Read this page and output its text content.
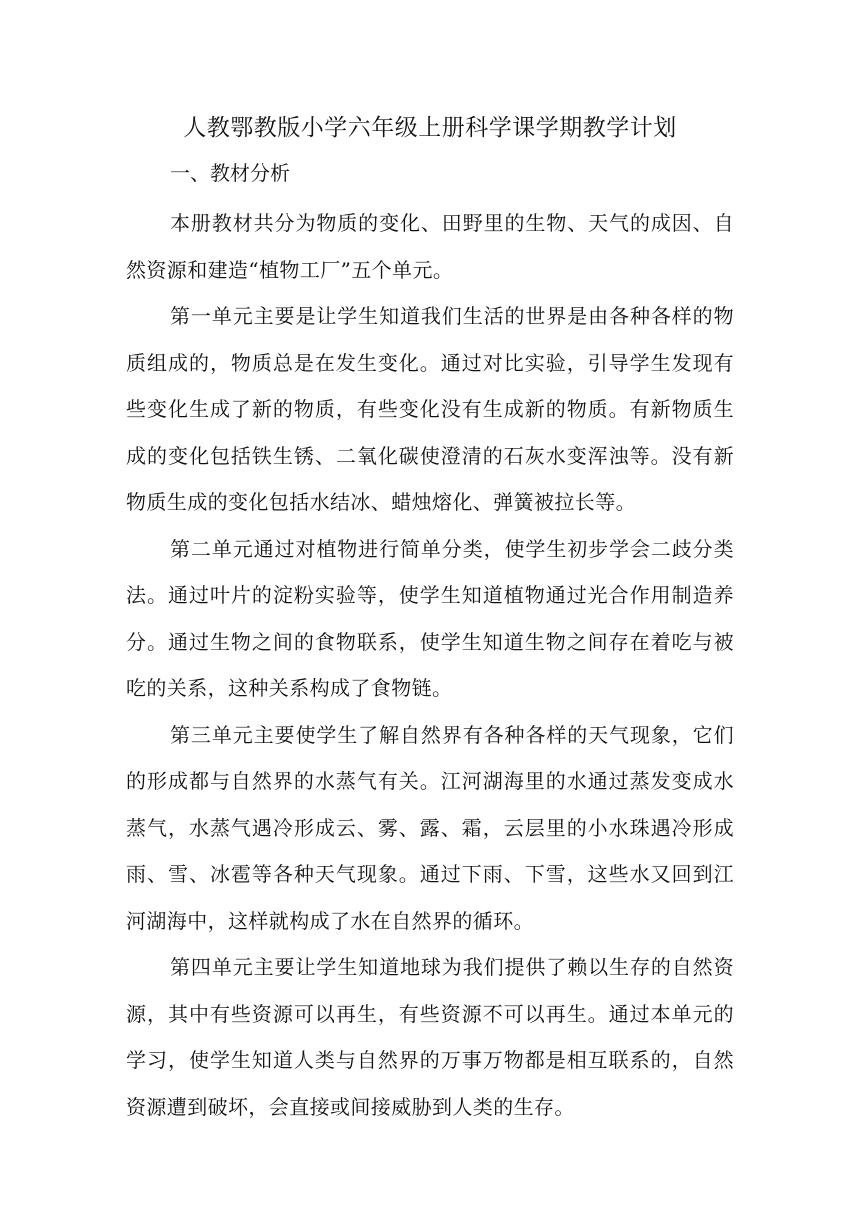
人教鄂教版小学六年级上册科学课学期教学计划
一、教材分析

本册教材共分为物质的变化、田野里的生物、天气的成因、自然资源和建造“植物工厂”五个单元。

第一单元主要是让学生知道我们生活的世界是由各种各样的物质组成的，物质总是在发生变化。通过对比实验，引导学生发现有些变化生成了新的物质，有些变化没有生成新的物质。有新物质生成的变化包括铁生锈、二氧化碳使澄清的石灰水变浑浊等。没有新物质生成的变化包括水结冰、蜡烛熔化、弹簧被拉长等。

第二单元通过对植物进行简单分类，使学生初步学会二歧分类法。通过叶片的淀粉实验等，使学生知道植物通过光合作用制造养分。通过生物之间的食物联系，使学生知道生物之间存在着吃与被吃的关系，这种关系构成了食物链。

第三单元主要使学生了解自然界有各种各样的天气现象，它们的形成都与自然界的水蒸气有关。江河湖海里的水通过蒸发变成水蒸气，水蒸气遇冷形成云、雾、露、霜，云层里的小水珠遇冷形成雨、雪、冰雹等各种天气现象。通过下雨、下雪，这些水又回到江河湖海中，这样就构成了水在自然界的循环。

第四单元主要让学生知道地球为我们提供了赖以生存的自然资源，其中有些资源可以再生，有些资源不可以再生。通过本单元的学习，使学生知道人类与自然界的万事万物都是相互联系的，自然资源遭到破坏，会直接或间接威胁到人类的生存。
